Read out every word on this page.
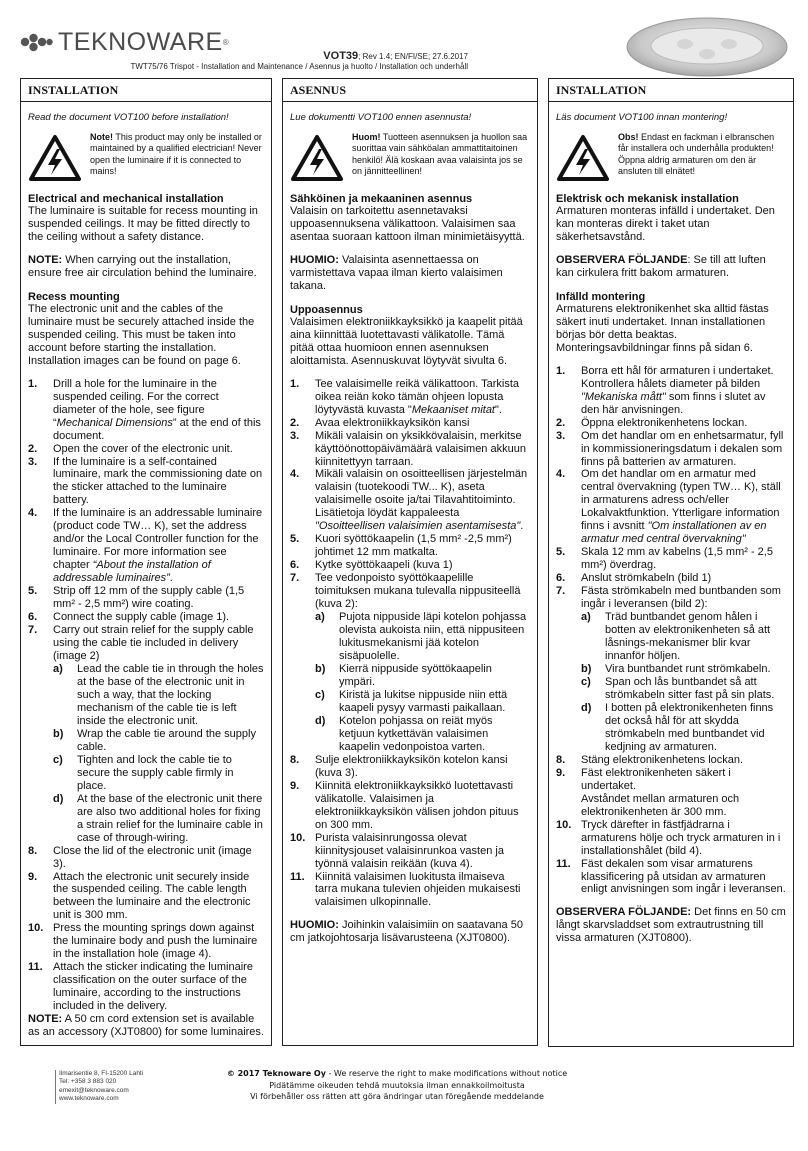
TEKNOWARE ®
VOT39; Rev 1.4; EN/FI/SE; 27.6.2017
TWT75/76 Trispot - Installation and Maintenance / Asennus ja huolto / Installation och underhåll
INSTALLATION

Read the document VOT100 before installation!

Note! This product may only be installed or maintained by a qualified electrician! Never open the luminaire if it is connected to mains!

Electrical and mechanical installation

The luminaire is suitable for recess mounting in suspended ceilings. It may be fitted directly to the ceiling without a safety distance.

NOTE: When carrying out the installation, ensure free air circulation behind the luminaire.

Recess mounting

The electronic unit and the cables of the luminaire must be securely attached inside the suspended ceiling. This must be taken into account before starting the installation. Installation images can be found on page 6.

1.	Drill a hole for the luminaire in the suspended ceiling. For the correct diameter of the hole, see figure “Mechanical Dimensions” at the end of this document.
2.	Open the cover of the electronic unit.
3.	If the luminaire is a self-contained luminaire, mark the commissioning date on the sticker attached to the luminaire battery.
4.	If the luminaire is an addressable luminaire (product code TW… K), set the address and/or the Local Controller function for the luminaire. For more information see chapter “About the installation of addressable luminaires”.
5.	Strip off 12 mm of the supply cable (1,5 mm² - 2,5 mm²) wire coating.
6.	Connect the supply cable (image 1).
7.	Carry out strain relief for the supply cable using the cable tie included in delivery (image 2)
a)	Lead the cable tie in through the holes at the base of the electronic unit in such a way, that the locking mechanism of the cable tie is left inside the electronic unit.
b)	Wrap the cable tie around the supply cable.
c)	Tighten and lock the cable tie to secure the supply cable firmly in place.
d)	At the base of the electronic unit there are also two additional holes for fixing a strain relief for the luminaire cable in case of through-wiring.
8.	Close the lid of the electronic unit (image 3).
9.	Attach the electronic unit securely inside the suspended ceiling. The cable length between the luminaire and the electronic unit is 300 mm.
10. Press the mounting springs down against the luminaire body and push the luminaire in the installation hole (image 4).
11. Attach the sticker indicating the luminaire classification on the outer surface of the luminaire, according to the instructions included in the delivery.

NOTE: A 50 cm cord extension set is available as an accessory (XJT0800) for some luminaires.

ASENNUS

Lue dokumentti VOT100 ennen asennusta!

Huom! Tuotteen asennuksen ja huollon saa suorittaa vain sähköalan ammattitaitoinen henkilö! Älä koskaan avaa valaisinta jos se on jännitteellinen!

Sähköinen ja mekaaninen asennus

Valaisin on tarkoitettu asennetavaksi uppoasennuksena välikattoon. Valaisimen saa asentaa suoraan kattoon ilman minimietäisyyttä.

HUOMIO: Valaisinta asennettaessa on varmistettava vapaa ilman kierto valaisimen takana.

Uppoasennus

Valaisimen elektroniikkayksikkö ja kaapelit pitää aina kiinnittää luotettavasti välikatolle. Tämä pitää ottaa huomioon ennen asennuksen aloittamista. Asennuskuvat löytyvät sivulta 6.

1.	Tee valaisimelle reikä välikattoon. Tarkista oikea reiän koko tämän ohjeen lopusta löytyvästä kuvasta "Mekaaniset mitat".
2.	Avaa elektroniikkayksikön kansi
3.	Mikäli valaisin on yksikkövalaisin, merkitse käyttöönottopäivämäärä valaisimen akkuun kiinnitettyyn tarraan.
4.	Mikäli valaisin on osoitteellisen järjestelmän valaisin (tuotekoodi TW... K), aseta valaisimelle osoite ja/tai Tilavahtitoiminto. Lisätietoja löydät kappaleesta "Osoitteellisen valaisimien asentamisesta".
5.	Kuori syöttökaapelin (1,5 mm² -2,5 mm²) johtimet 12 mm matkalta.
6.	Kytke syöttökaapeli (kuva 1)
7.	Tee vedonpoisto syöttökaapelille toimituksen mukana tulevalla nippusiteellä (kuva 2):
a)	Pujota nippuside läpi kotelon pohjassa olevista aukoista niin, että nippusiteen lukitusmekanismi jää kotelon sisäpuolelle.
b)	Kierrä nippuside syöttökaapelin ympäri.
c)	Kiristä ja lukitse nippuside niin että kaapeli pysyy varmasti paikallaan.
d)	Kotelon pohjassa on reiät myös ketjuun kytkettävän valaisimen kaapelin vedonpoistoa varten.
8.	Sulje elektroniikkayksikön kotelon kansi (kuva 3).
9.	Kiinnitä elektroniikkayksikkö luotettavasti välikatolle. Valaisimen ja elektroniikkayksikön välisen johdon pituus on 300 mm.
10. Purista valaisinrungossa olevat kiinnitysjouset valaisinrunkoa vasten ja työnnä valaisin reikään (kuva 4).
11. Kiinnitä valaisimen luokitusta ilmaiseva tarra mukana tulevien ohjeiden mukaisesti valaisimen ulkopinnalle.

HUOMIO: Joihinkin valaisimiin on saatavana 50 cm jatkojohtosarja lisävarusteena (XJT0800).

INSTALLATION

Läs document VOT100 innan montering!

Obs! Endast en fackman i elbranschen får installera och underhålla produkten! Öppna aldrig armaturen om den är ansluten till elnätet!

Elektrisk och mekanisk installation

Armaturen monteras infälld i undertaket. Den kan monteras direkt i taket utan säkerhetsavstånd.

OBSERVERA FÖLJANDE: Se till att luften kan cirkulera fritt bakom armaturen.

Infälld montering

Armaturens elektronikenhet ska alltid fästas säkert inuti undertaket. Innan installationen börjas bör detta beaktas. Monteringsavbildningar finns på sidan 6.

1.	Borra ett hål för armaturen i undertaket. Kontrollera hålets diameter på bilden "Mekaniska mått" som finns i slutet av den här anvisningen.
2.	Öppna elektronikenhetens lockan.
3.	Om det handlar om en enhetsarmatur, fyll in kommissioneringsdatum i dekalen som finns på batterien av armaturen.
4.	Om det handlar om en armatur med central övervakning (typen TW… K), ställ in armaturens adress och/eller Lokalvaktfunktion. Ytterligare information finns i avsnitt "Om installationen av en armatur med central övervakning"
5.	Skala 12 mm av kabelns (1,5 mm² - 2,5 mm²) överdrag.
6.	Anslut strömkabeln (bild 1)
7.	Fästa strömkabeln med buntbanden som ingår i leveransen (bild 2):
a)	Träd buntbandet genom hålen i botten av elektronikenheten så att låsnings-mekanismer blir kvar innanför höljen.
b)	Vira buntbandet runt strömkabeln.
c)	Span och lås buntbandet så att strömkabeln sitter fast på sin plats.
d)	I botten på elektronikenheten finns det också hål för att skydda strömkabeln med buntbandet vid kedjning av armaturen.
8.	Stäng elektronikenhetens lockan.
9.	Fäst elektronikenheten säkert i undertaket.
Avståndet mellan armaturen och elektronikenheten är 300 mm.
10. Tryck därefter in fästfjädrarna i armaturens hölje och tryck armaturen in i installationshålet (bild 4).
11. Fäst dekalen som visar armaturens klassificering på utsidan av armaturen enligt anvisningen som ingår i leveransen.

OBSERVERA FÖLJANDE: Det finns en 50 cm långt skarvsladdset som extrautrustning till vissa armaturen (XJT0800).

Ilmarisentie 8, FI-15200 Lahti
Tel: +358 3 883 020
emexit@teknoware.com
www.teknoware.com
© 2017 Teknoware Oy - We reserve the right to make modifications without notice
Pidätämme oikeuden tehdä muutoksia ilman ennakkoilmoitusta
Vi förbehåller oss rätten att göra ändringar utan föregående meddelande
